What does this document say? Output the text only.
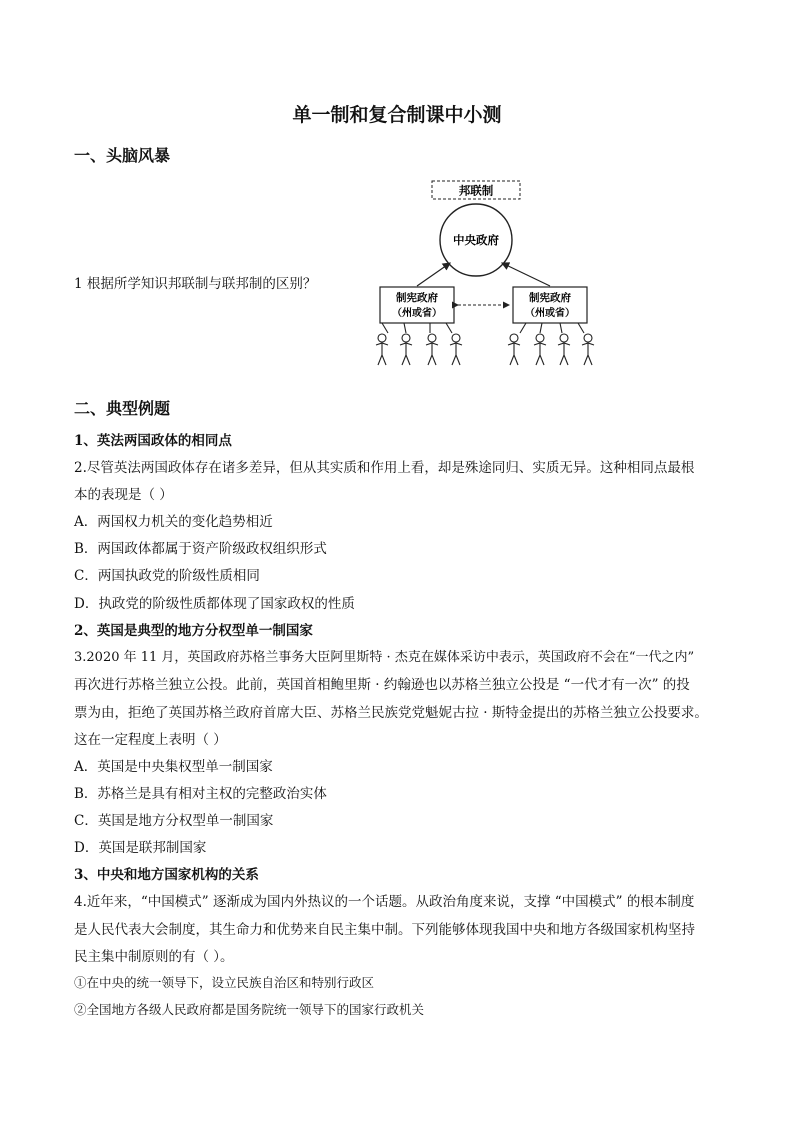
单一制和复合制课中小测
一、头脑风暴
1 根据所学知识邦联制与联邦制的区别？
邦联制
中央政府
制宪政府
（州或省）
制宪政府
（州或省）
二、典型例题
1、英法两国政体的相同点
2.尽管英法两国政体存在诸多差异，但从其实质和作用上看，却是殊途同归、实质无异。这种相同点最根
本的表现是（ ）
A．两国权力机关的变化趋势相近
B．两国政体都属于资产阶级政权组织形式
C．两国执政党的阶级性质相同
D．执政党的阶级性质都体现了国家政权的性质
2、英国是典型的地方分权型单一制国家
3.2020 年 11 月，英国政府苏格兰事务大臣阿里斯特 · 杰克在媒体采访中表示，英国政府不会在“一代之内”
再次进行苏格兰独立公投。此前，英国首相鲍里斯 · 约翰逊也以苏格兰独立公投是 “一代才有一次” 的投
票为由，拒绝了英国苏格兰政府首席大臣、苏格兰民族党党魁妮古拉 · 斯特金提出的苏格兰独立公投要求。
这在一定程度上表明（ ）
A．英国是中央集权型单一制国家
B．苏格兰是具有相对主权的完整政治实体
C．英国是地方分权型单一制国家
D．英国是联邦制国家
3、中央和地方国家机构的关系
4.近年来，“中国模式” 逐渐成为国内外热议的一个话题。从政治角度来说，支撑 “中国模式” 的根本制度
是人民代表大会制度，其生命力和优势来自民主集中制。下列能够体现我国中央和地方各级国家机构坚持
民主集中制原则的有（ ）。
①在中央的统一领导下，设立民族自治区和特别行政区
②全国地方各级人民政府都是国务院统一领导下的国家行政机关
